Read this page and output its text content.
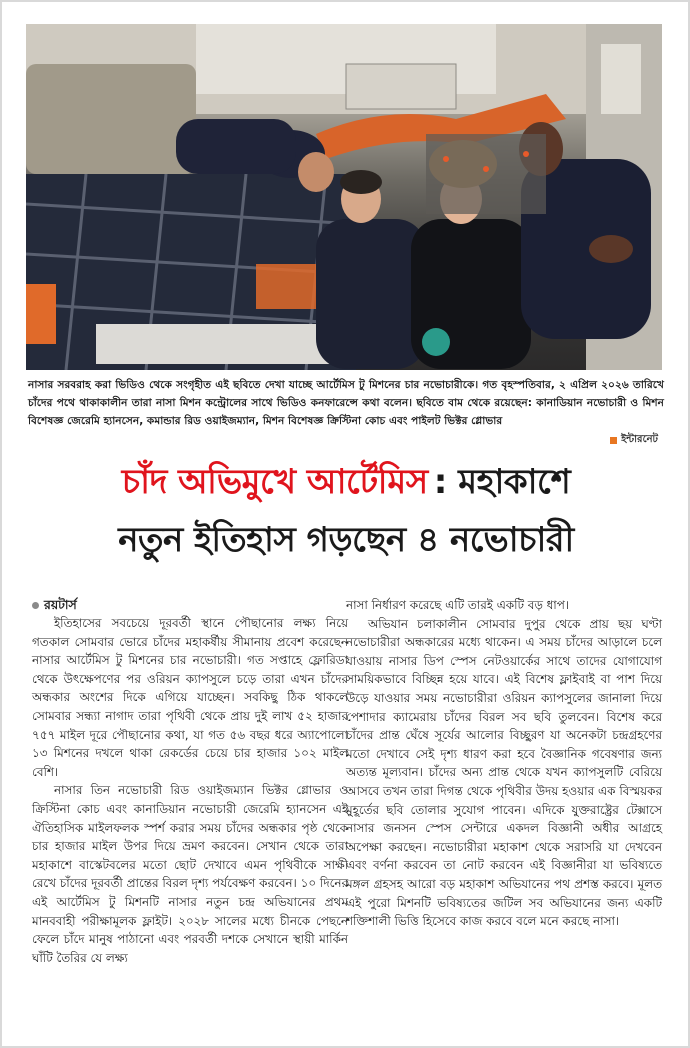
নাসার সরবরাহ করা ভিডিও থেকে সংগৃহীত এই ছবিতে দেখা যাচ্ছে আর্টেমিস টু মিশনের চার নভোচারীকে। গত বৃহস্পতিবার, ২ এপ্রিল ২০২৬ তারিখে চাঁদের পথে থাকাকালীন তারা নাসা মিশন কন্ট্রোলের সাথে ভিডিও কনফারেন্সে কথা বলেন। ছবিতে বাম থেকে রয়েছেন: কানাডিয়ান নভোচারী ও মিশন বিশেষজ্ঞ জেরেমি হ্যানসেন, কমান্ডার রিড ওয়াইজম্যান, মিশন বিশেষজ্ঞ ক্রিস্টিনা কোচ এবং পাইলট ভিক্টর গ্লোভার
ইন্টারনেট
চাঁদ অভিমুখে আর্টেমিস : মহাকাশে
নতুন ইতিহাস গড়ছেন ৪ নভোচারী
রয়টার্স

ইতিহাসের সবচেয়ে দূরবর্তী স্থানে পৌছানোর লক্ষ্য নিয়ে গতকাল সোমবার ভোরে চাঁদের মহাকর্ষীয় সীমানায় প্রবেশ করেছেন নাসার আর্টেমিস টু মিশনের চার নভোচারী। গত সপ্তাহে ফ্লোরিডা থেকে উৎক্ষেপণের পর ওরিয়ন ক্যাপসুলে চড়ে তারা এখন চাঁদের অন্ধকার অংশের দিকে এগিয়ে যাচ্ছেন। সবকিছু ঠিক থাকলে সোমবার সন্ধ্যা নাগাদ তারা পৃথিবী থেকে প্রায় দুই লাখ ৫২ হাজার ৭৫৭ মাইল দূরে পৌছানোর কথা, যা গত ৫৬ বছর ধরে অ্যাপোলো ১৩ মিশনের দখলে থাকা রেকর্ডের চেয়ে চার হাজার ১০২ মাইল বেশি।

নাসার তিন নভোচারী রিড ওয়াইজম্যান ভিক্টর গ্লোভার ও ক্রিস্টিনা কোচ এবং কানাডিয়ান নভোচারী জেরেমি হ্যানসেন এই ঐতিহাসিক মাইলফলক স্পর্শ করার সময় চাঁদের অন্ধকার পৃষ্ঠ থেকে চার হাজার মাইল উপর দিয়ে ভ্রমণ করবেন। সেখান থেকে তারা মহাকাশে বাস্কেটবলের মতো ছোট দেখাবে এমন পৃথিবীকে সাক্ষী রেখে চাঁদের দূরবর্তী প্রান্তের বিরল দৃশ্য পর্যবেক্ষণ করবেন। ১০ দিনের এই আর্টেমিস টু মিশনটি নাসার নতুন চন্দ্র অভিযানের প্রথম মানববাহী পরীক্ষামূলক ফ্লাইট। ২০২৮ সালের মধ্যে চীনকে পেছনে ফেলে চাঁদে মানুষ পাঠানো এবং পরবর্তী দশকে সেখানে স্থায়ী মার্কিন ঘাঁটি তৈরির যে লক্ষ্য

নাসা নির্ধারণ করেছে এটি তারই একটি বড় ধাপ।

অভিযান চলাকালীন সোমবার দুপুর থেকে প্রায় ছয় ঘণ্টা নভোচারীরা অন্ধকারের মধ্যে থাকেন। এ সময় চাঁদের আড়ালে চলে যাওয়ায় নাসার ডিপ স্পেস নেটওয়ার্কের সাথে তাদের যোগাযোগ সাময়িকভাবে বিচ্ছিন্ন হয়ে যাবে। এই বিশেষ ফ্লাইবাই বা পাশ দিয়ে উড়ে যাওয়ার সময় নভোচারীরা ওরিয়ন ক্যাপসুলের জানালা দিয়ে পেশাদার ক্যামেরায় চাঁদের বিরল সব ছবি তুলবেন। বিশেষ করে চাঁদের প্রান্ত ঘেঁষে সূর্যের আলোর বিচ্ছুরণ যা অনেকটা চন্দ্রগ্রহণের মতো দেখাবে সেই দৃশ্য ধারণ করা হবে বৈজ্ঞানিক গবেষণার জন্য অত্যন্ত মূল্যবান। চাঁদের অন্য প্রান্ত থেকে যখন ক্যাপসুলটি বেরিয়ে আসবে তখন তারা দিগন্ত থেকে পৃথিবীর উদয় হওয়ার এক বিস্ময়কর মুহূর্তের ছবি তোলার সুযোগ পাবেন। এদিকে যুক্তরাষ্ট্রের টেক্সাসে নাসার জনসন স্পেস সেন্টারে একদল বিজ্ঞানী অধীর আগ্রহে অপেক্ষা করছেন। নভোচারীরা মহাকাশ থেকে সরাসরি যা দেখবেন এবং বর্ণনা করবেন তা নোট করবেন এই বিজ্ঞানীরা যা ভবিষ্যতে মঙ্গল গ্রহসহ আরো বড় মহাকাশ অভিযানের পথ প্রশস্ত করবে। মূলত এই পুরো মিশনটি ভবিষ্যতের জটিল সব অভিযানের জন্য একটি শক্তিশালী ভিত্তি হিসেবে কাজ করবে বলে মনে করছে নাসা।
